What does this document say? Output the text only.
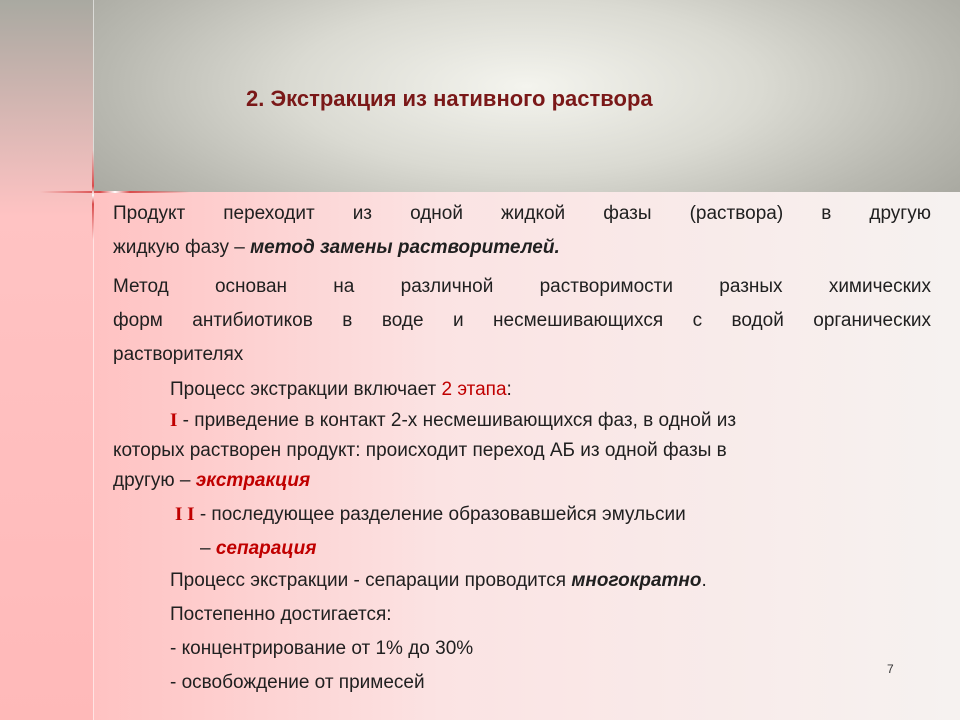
2. Экстракция из нативного раствора

Продукт переходит из одной жидкой фазы (раствора) в другую

жидкую фазу – метод замены растворителей.

Метод основан на различной растворимости разных химических

форм антибиотиков в воде и несмешивающихся с водой органических

растворителях

Процесс экстракции включает 2 этапа:

I - приведение в контакт 2-х несмешивающихся фаз, в одной из

которых растворен продукт: происходит переход АБ из одной фазы в

другую – экстракция

I I - последующее разделение образовавшейся эмульсии

– сепарация

Процесс экстракции - сепарации проводится многократно.

Постепенно достигается:

- концентрирование от 1% до 30%

- освобождение от примесей

7
